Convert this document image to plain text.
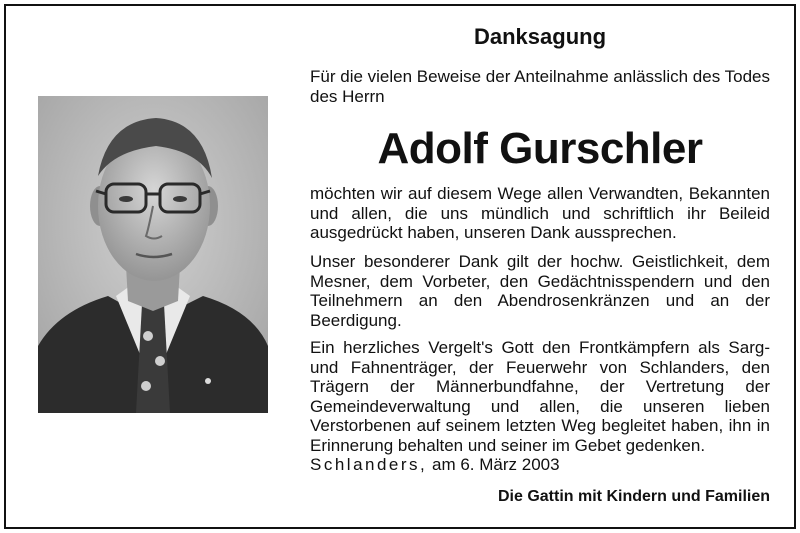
Danksagung
Für die vielen Beweise der Anteilnahme anlässlich des Todes des Herrn
Adolf Gurschler
möchten wir auf diesem Wege allen Verwandten, Bekannten und allen, die uns mündlich und schriftlich ihr Beileid ausgedrückt haben, unseren Dank aussprechen.
Unser besonderer Dank gilt der hochw. Geistlichkeit, dem Mesner, dem Vorbeter, den Gedächtnisspendern und den Teilnehmern an den Abendrosenkränzen und an der Beerdigung.
Ein herzliches Vergelt's Gott den Frontkämpfern als Sarg- und Fahnenträger, der Feuerwehr von Schlanders, den Trägern der Männerbundfahne, der Vertretung der Gemeindeverwaltung und allen, die unseren lieben Verstorbenen auf seinem letzten Weg begleitet haben, ihn in Erinnerung behalten und seiner im Gebet gedenken.
Schlanders, am 6. März 2003
Die Gattin mit Kindern und Familien
